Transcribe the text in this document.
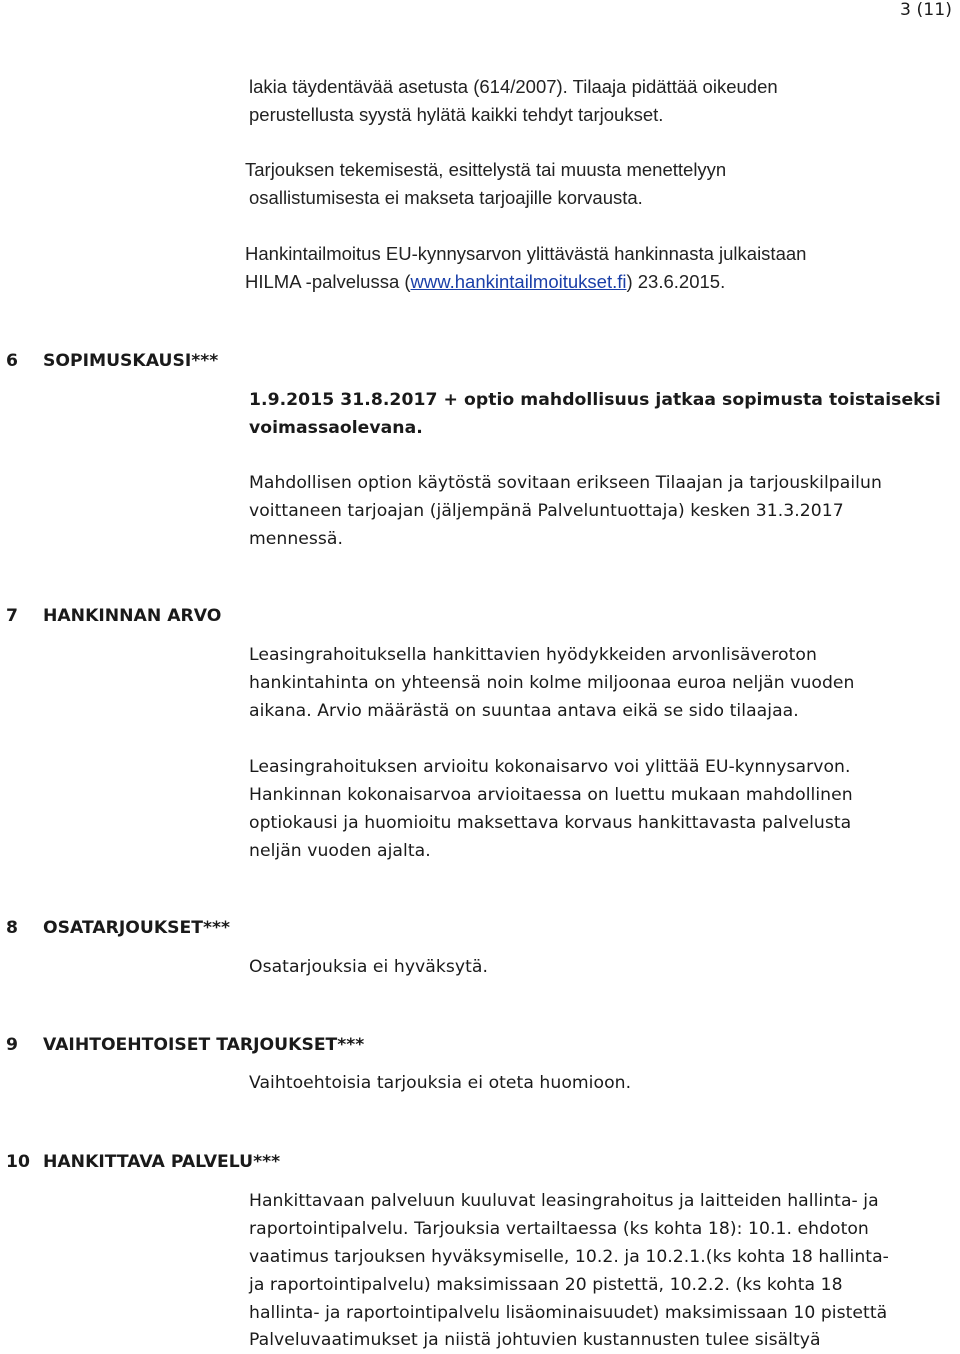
3 (11)
lakia täydentävää asetusta (614/2007). Tilaaja pidättää oikeuden
perustellusta syystä hylätä kaikki tehdyt tarjoukset.
Tarjouksen tekemisestä, esittelystä tai muusta menettelyyn
osallistumisesta ei makseta tarjoajille korvausta.
Hankintailmoitus EU-kynnysarvon ylittävästä hankinnasta julkaistaan
HILMA -palvelussa (www.hankintailmoitukset.fi) 23.6.2015.
6 SOPIMUSKAUSI***
1.9.2015 31.8.2017 + optio mahdollisuus jatkaa sopimusta toistaiseksi
voimassaolevana.
Mahdollisen option käytöstä sovitaan erikseen Tilaajan ja tarjouskilpailun
voittaneen tarjoajan (jäljempänä Palveluntuottaja) kesken 31.3.2017
mennessä.
7 HANKINNAN ARVO
Leasingrahoituksella hankittavien hyödykkeiden arvonlisäveroton
hankintahinta on yhteensä noin kolme miljoonaa euroa neljän vuoden
aikana. Arvio määrästä on suuntaa antava eikä se sido tilaajaa.
Leasingrahoituksen arvioitu kokonaisarvo voi ylittää EU-kynnysarvon.
Hankinnan kokonaisarvoa arvioitaessa on luettu mukaan mahdollinen
optiokausi ja huomioitu maksettava korvaus hankittavasta palvelusta
neljän vuoden ajalta.
8 OSATARJOUKSET***
Osatarjouksia ei hyväksytä.
9 VAIHTOEHTOISET TARJOUKSET***
Vaihtoehtoisia tarjouksia ei oteta huomioon.
10 HANKITTAVA PALVELU***
Hankittavaan palveluun kuuluvat leasingrahoitus ja laitteiden hallinta- ja
raportointipalvelu. Tarjouksia vertailtaessa (ks kohta 18): 10.1. ehdoton
vaatimus tarjouksen hyväksymiselle, 10.2. ja 10.2.1.(ks kohta 18 hallinta-
ja raportointipalvelu) maksimissaan 20 pistettä, 10.2.2. (ks kohta 18
hallinta- ja raportointipalvelu lisäominaisuudet) maksimissaan 10 pistettä
Palveluvaatimukset ja niistä johtuvien kustannusten tulee sisältyä
